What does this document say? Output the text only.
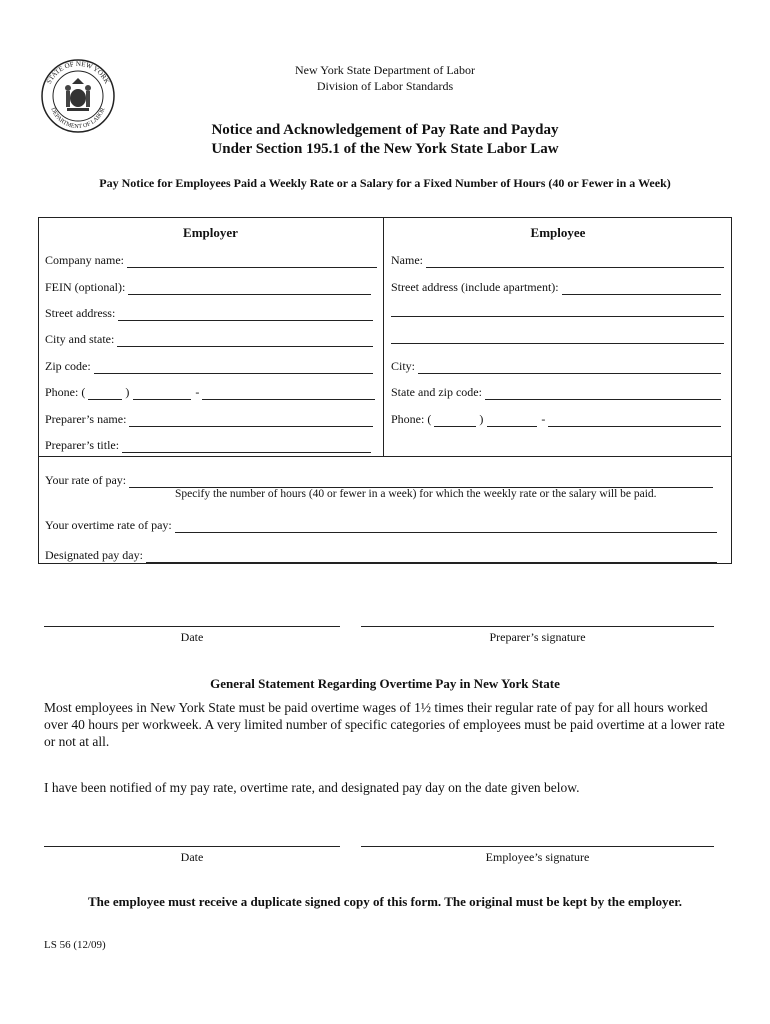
STATE OF NEW YORK
DEPARTMENT OF LABOR
New York State Department of Labor
Division of Labor Standards
Notice and Acknowledgement of Pay Rate and Payday
Under Section 195.1 of the New York State Labor Law
Pay Notice for Employees Paid a Weekly Rate or a Salary for a Fixed Number of Hours (40 or Fewer in a Week)
Employer
Company name:
FEIN (optional):
Street address:
City and state:
Zip code:
Phone: (	)	-
Preparer’s name:
Preparer’s title:
Employee
Name:
Street address (include apartment):
City:
State and zip code:
Phone: (	)	-
Your rate of pay:
Specify the number of hours (40 or fewer in a week) for which the weekly rate or the salary will be paid.
Your overtime rate of pay:
Designated pay day:
Date	Preparer’s signature
General Statement Regarding Overtime Pay in New York State
Most employees in New York State must be paid overtime wages of 1½ times their regular rate of pay for all hours worked over 40 hours per workweek. A very limited number of specific categories of employees must be paid overtime at a lower rate or not at all.
I have been notified of my pay rate, overtime rate, and designated pay day on the date given below.
Date	Employee’s signature
The employee must receive a duplicate signed copy of this form. The original must be kept by the employer.
LS 56 (12/09)
